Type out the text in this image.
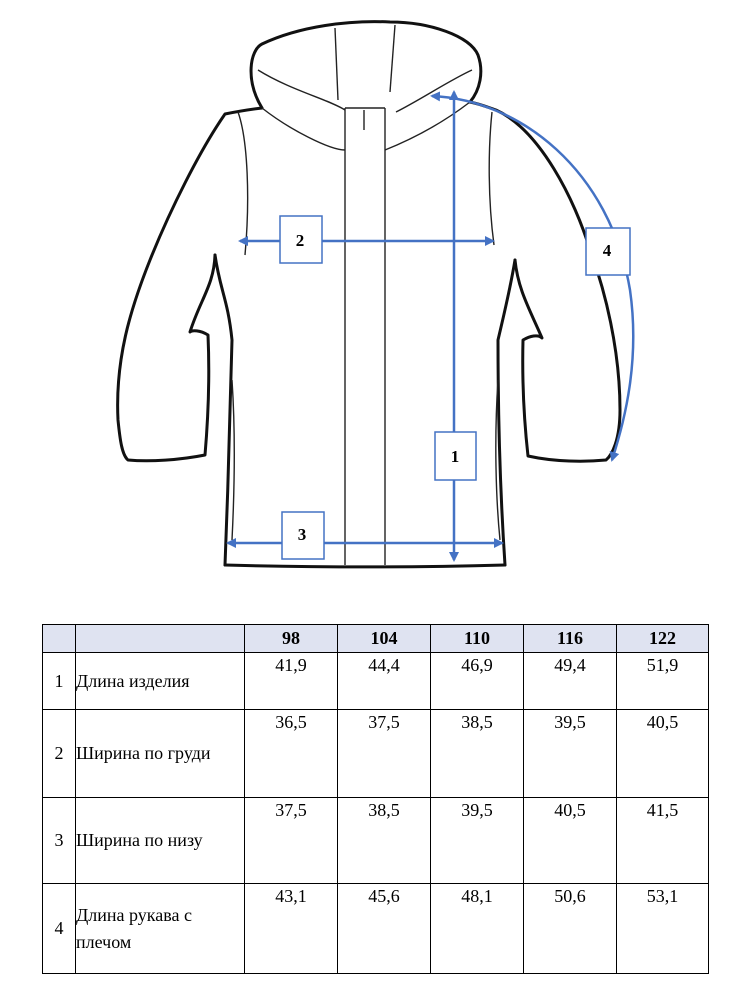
1
2
3
4
		98	104	110	116	122
1	Длина изделия	41,9	44,4	46,9	49,4	51,9
2	Ширина по груди	36,5	37,5	38,5	39,5	40,5
3	Ширина по низу	37,5	38,5	39,5	40,5	41,5
4	Длина рукава с плечом	43,1	45,6	48,1	50,6	53,1
